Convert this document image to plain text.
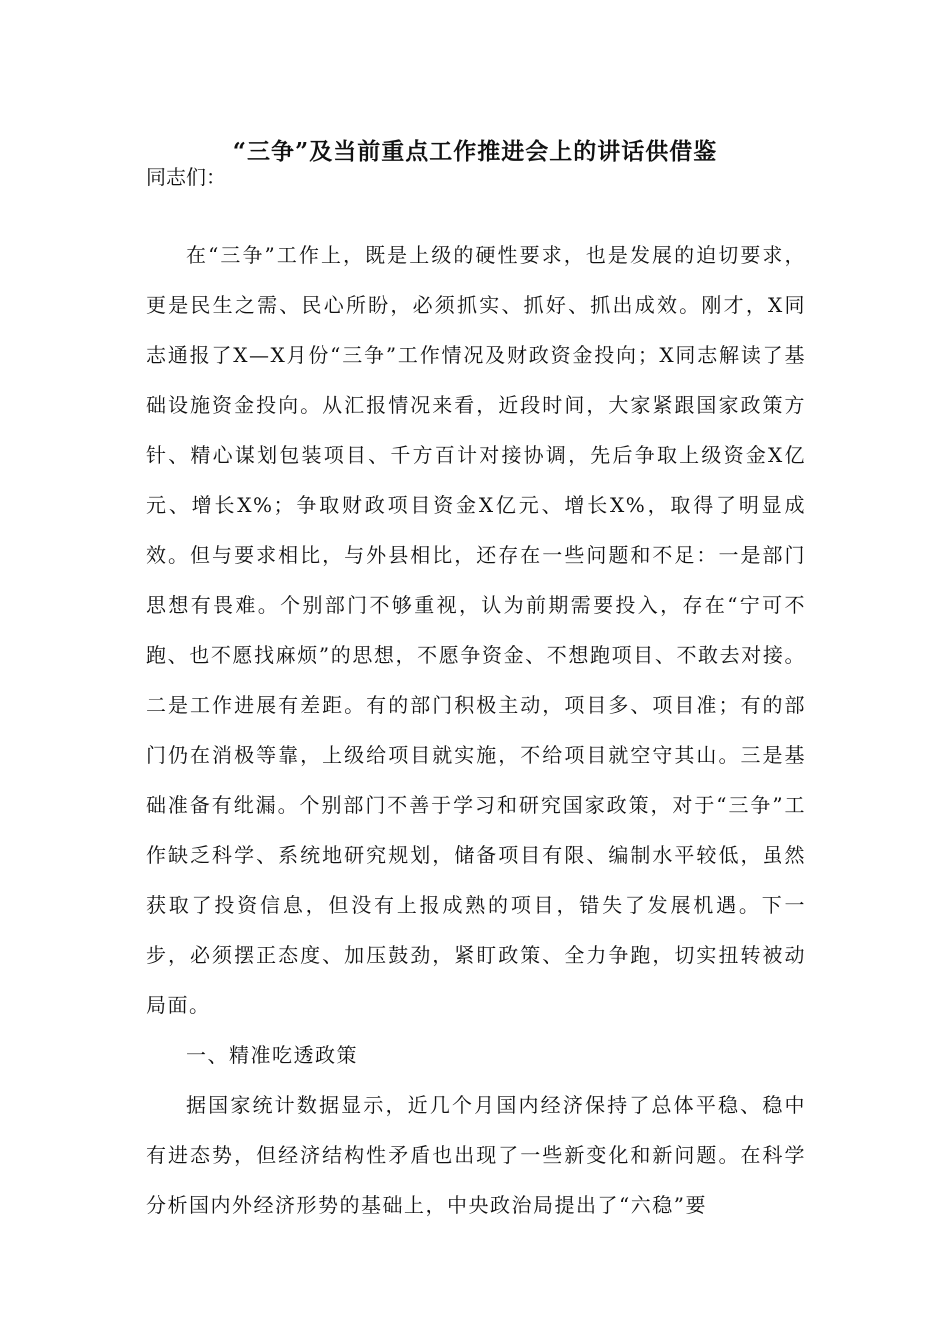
“三争”及当前重点工作推进会上的讲话供借鉴
同志们：

在“三争”工作上，既是上级的硬性要求，也是发展的迫切要求，更是民生之需、民心所盼，必须抓实、抓好、抓出成效。刚才，X同志通报了X—X月份“三争”工作情况及财政资金投向；X同志解读了基础设施资金投向。从汇报情况来看，近段时间，大家紧跟国家政策方针、精心谋划包装项目、千方百计对接协调，先后争取上级资金X亿元、增长X%；争取财政项目资金X亿元、增长X%，取得了明显成效。但与要求相比，与外县相比，还存在一些问题和不足：一是部门思想有畏难。个别部门不够重视，认为前期需要投入，存在“宁可不跑、也不愿找麻烦”的思想，不愿争资金、不想跑项目、不敢去对接。二是工作进展有差距。有的部门积极主动，项目多、项目准；有的部门仍在消极等靠，上级给项目就实施，不给项目就空守其山。三是基础准备有纰漏。个别部门不善于学习和研究国家政策，对于“三争”工作缺乏科学、系统地研究规划，储备项目有限、编制水平较低，虽然获取了投资信息，但没有上报成熟的项目，错失了发展机遇。下一步，必须摆正态度、加压鼓劲，紧盯政策、全力争跑，切实扭转被动局面。

一、精准吃透政策

据国家统计数据显示，近几个月国内经济保持了总体平稳、稳中有进态势，但经济结构性矛盾也出现了一些新变化和新问题。在科学分析国内外经济形势的基础上，中央政治局提出了“六稳”要
